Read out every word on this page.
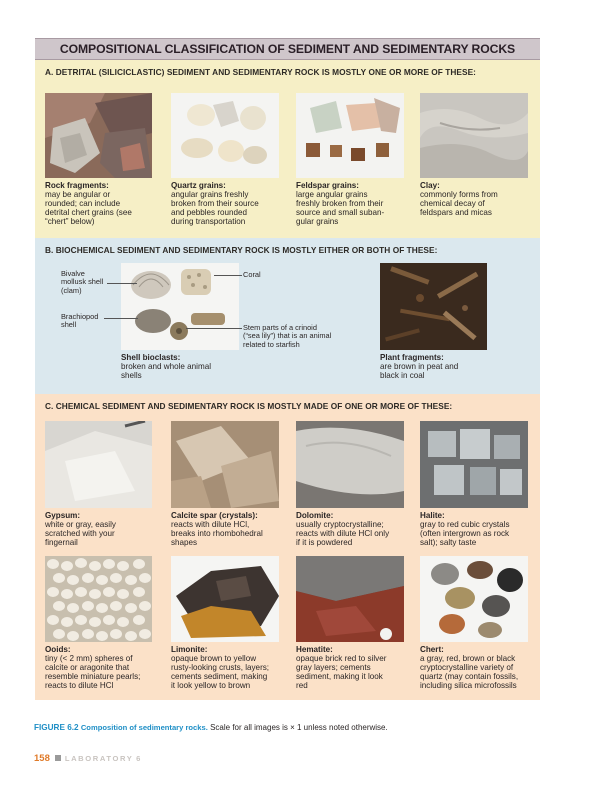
COMPOSITIONAL CLASSIFICATION OF SEDIMENT AND SEDIMENTARY ROCKS
A. DETRITAL (SILICICLASTIC) SEDIMENT AND SEDIMENTARY ROCK IS MOSTLY ONE OR MORE OF THESE:
Rock fragments:
may be angular or
rounded; can include
detrital chert grains (see
“chert” below)
Quartz grains:
angular grains freshly
broken from their source
and pebbles rounded
during transportation
Feldspar grains:
large angular grains
freshly broken from their
source and small suban-
gular grains
Clay:
commonly forms from
chemical decay of
feldspars and micas
B. BIOCHEMICAL SEDIMENT AND SEDIMENTARY ROCK IS MOSTLY EITHER OR BOTH OF THESE:
Bivalve
mollusk shell
(clam)
Brachiopod
shell
Coral
Stem parts of a crinoid
(“sea lily”) that is an animal
related to starfish
Shell bioclasts:
broken and whole animal
shells
Plant fragments:
are brown in peat and
black in coal
C. CHEMICAL SEDIMENT AND SEDIMENTARY ROCK IS MOSTLY MADE OF ONE OR MORE OF THESE:
Gypsum:
white or gray, easily
scratched with your
fingernail
Calcite spar (crystals):
reacts with dilute HCl,
breaks into rhombohedral
shapes
Dolomite:
usually cryptocrystalline;
reacts with dilute HCl only
if it is powdered
Halite:
gray to red cubic crystals
(often intergrown as rock
salt); salty taste
Ooids:
tiny (< 2 mm) spheres of
calcite or aragonite that
resemble miniature pearls;
reacts to dilute HCl
Limonite:
opaque brown to yellow
rusty-looking crusts, layers;
cements sediment, making
it look yellow to brown
Hematite:
opaque brick red to silver
gray layers; cements
sediment, making it look
red
Chert:
a gray, red, brown or black
cryptocrystalline variety of
quartz (may contain fossils,
including silica microfossils
FIGURE 6.2 Composition of sedimentary rocks. Scale for all images is × 1 unless noted otherwise.
158 LABORATORY 6
